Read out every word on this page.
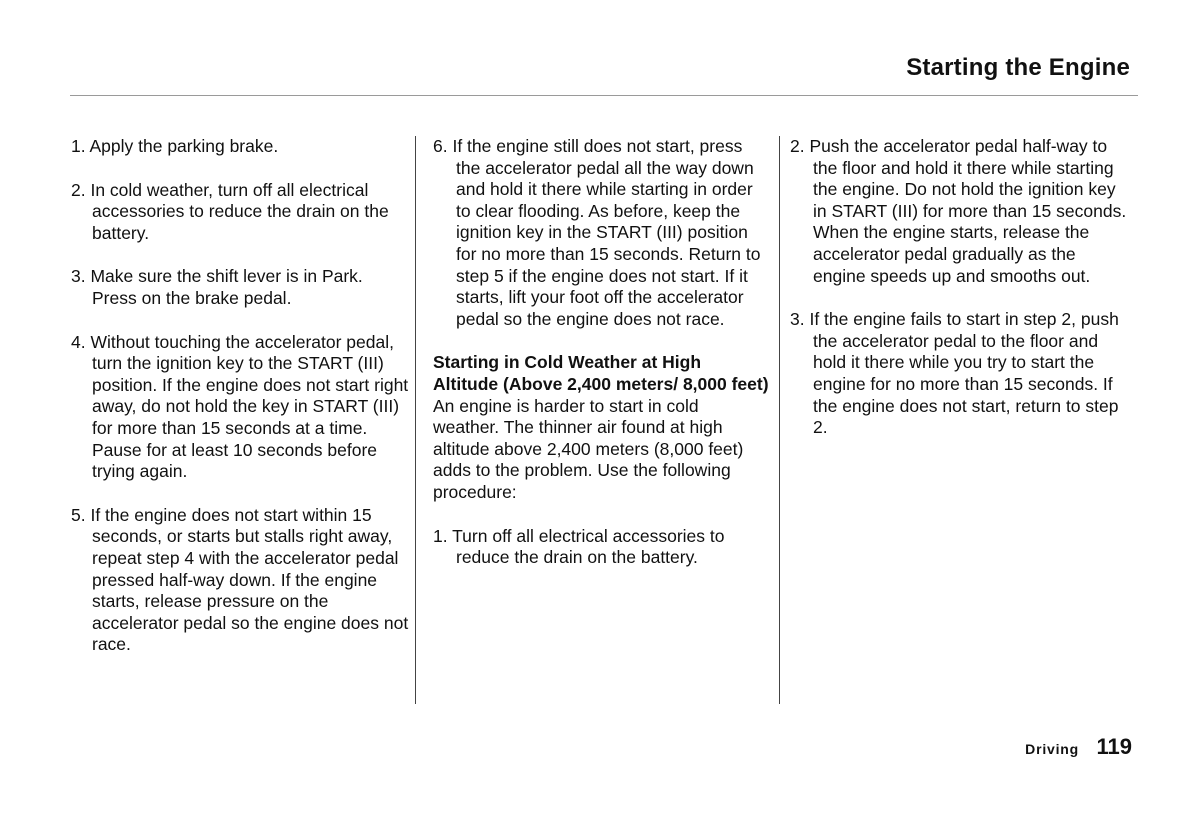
Starting the Engine

1. Apply the parking brake.

2. In cold weather, turn off all electrical accessories to reduce the drain on the battery.

3. Make sure the shift lever is in Park. Press on the brake pedal.

4. Without touching the accelerator pedal, turn the ignition key to the START (III) position. If the engine does not start right away, do not hold the key in START (III) for more than 15 seconds at a time. Pause for at least 10 seconds before trying again.

5. If the engine does not start within 15 seconds, or starts but stalls right away, repeat step 4 with the accelerator pedal pressed half-way down. If the engine starts, release pressure on the accelerator pedal so the engine does not race.

6. If the engine still does not start, press the accelerator pedal all the way down and hold it there while starting in order to clear flooding. As before, keep the ignition key in the START (III) position for no more than 15 seconds. Return to step 5 if the engine does not start. If it starts, lift your foot off the accelerator pedal so the engine does not race.

Starting in Cold Weather at High Altitude (Above 2,400 meters/ 8,000 feet)

An engine is harder to start in cold weather. The thinner air found at high altitude above 2,400 meters (8,000 feet) adds to the problem. Use the following procedure:

1. Turn off all electrical accessories to reduce the drain on the battery.

2. Push the accelerator pedal half-way to the floor and hold it there while starting the engine. Do not hold the ignition key in START (III) for more than 15 seconds. When the engine starts, release the accelerator pedal gradually as the engine speeds up and smooths out.

3. If the engine fails to start in step 2, push the accelerator pedal to the floor and hold it there while you try to start the engine for no more than 15 seconds. If the engine does not start, return to step 2.

Driving 119
